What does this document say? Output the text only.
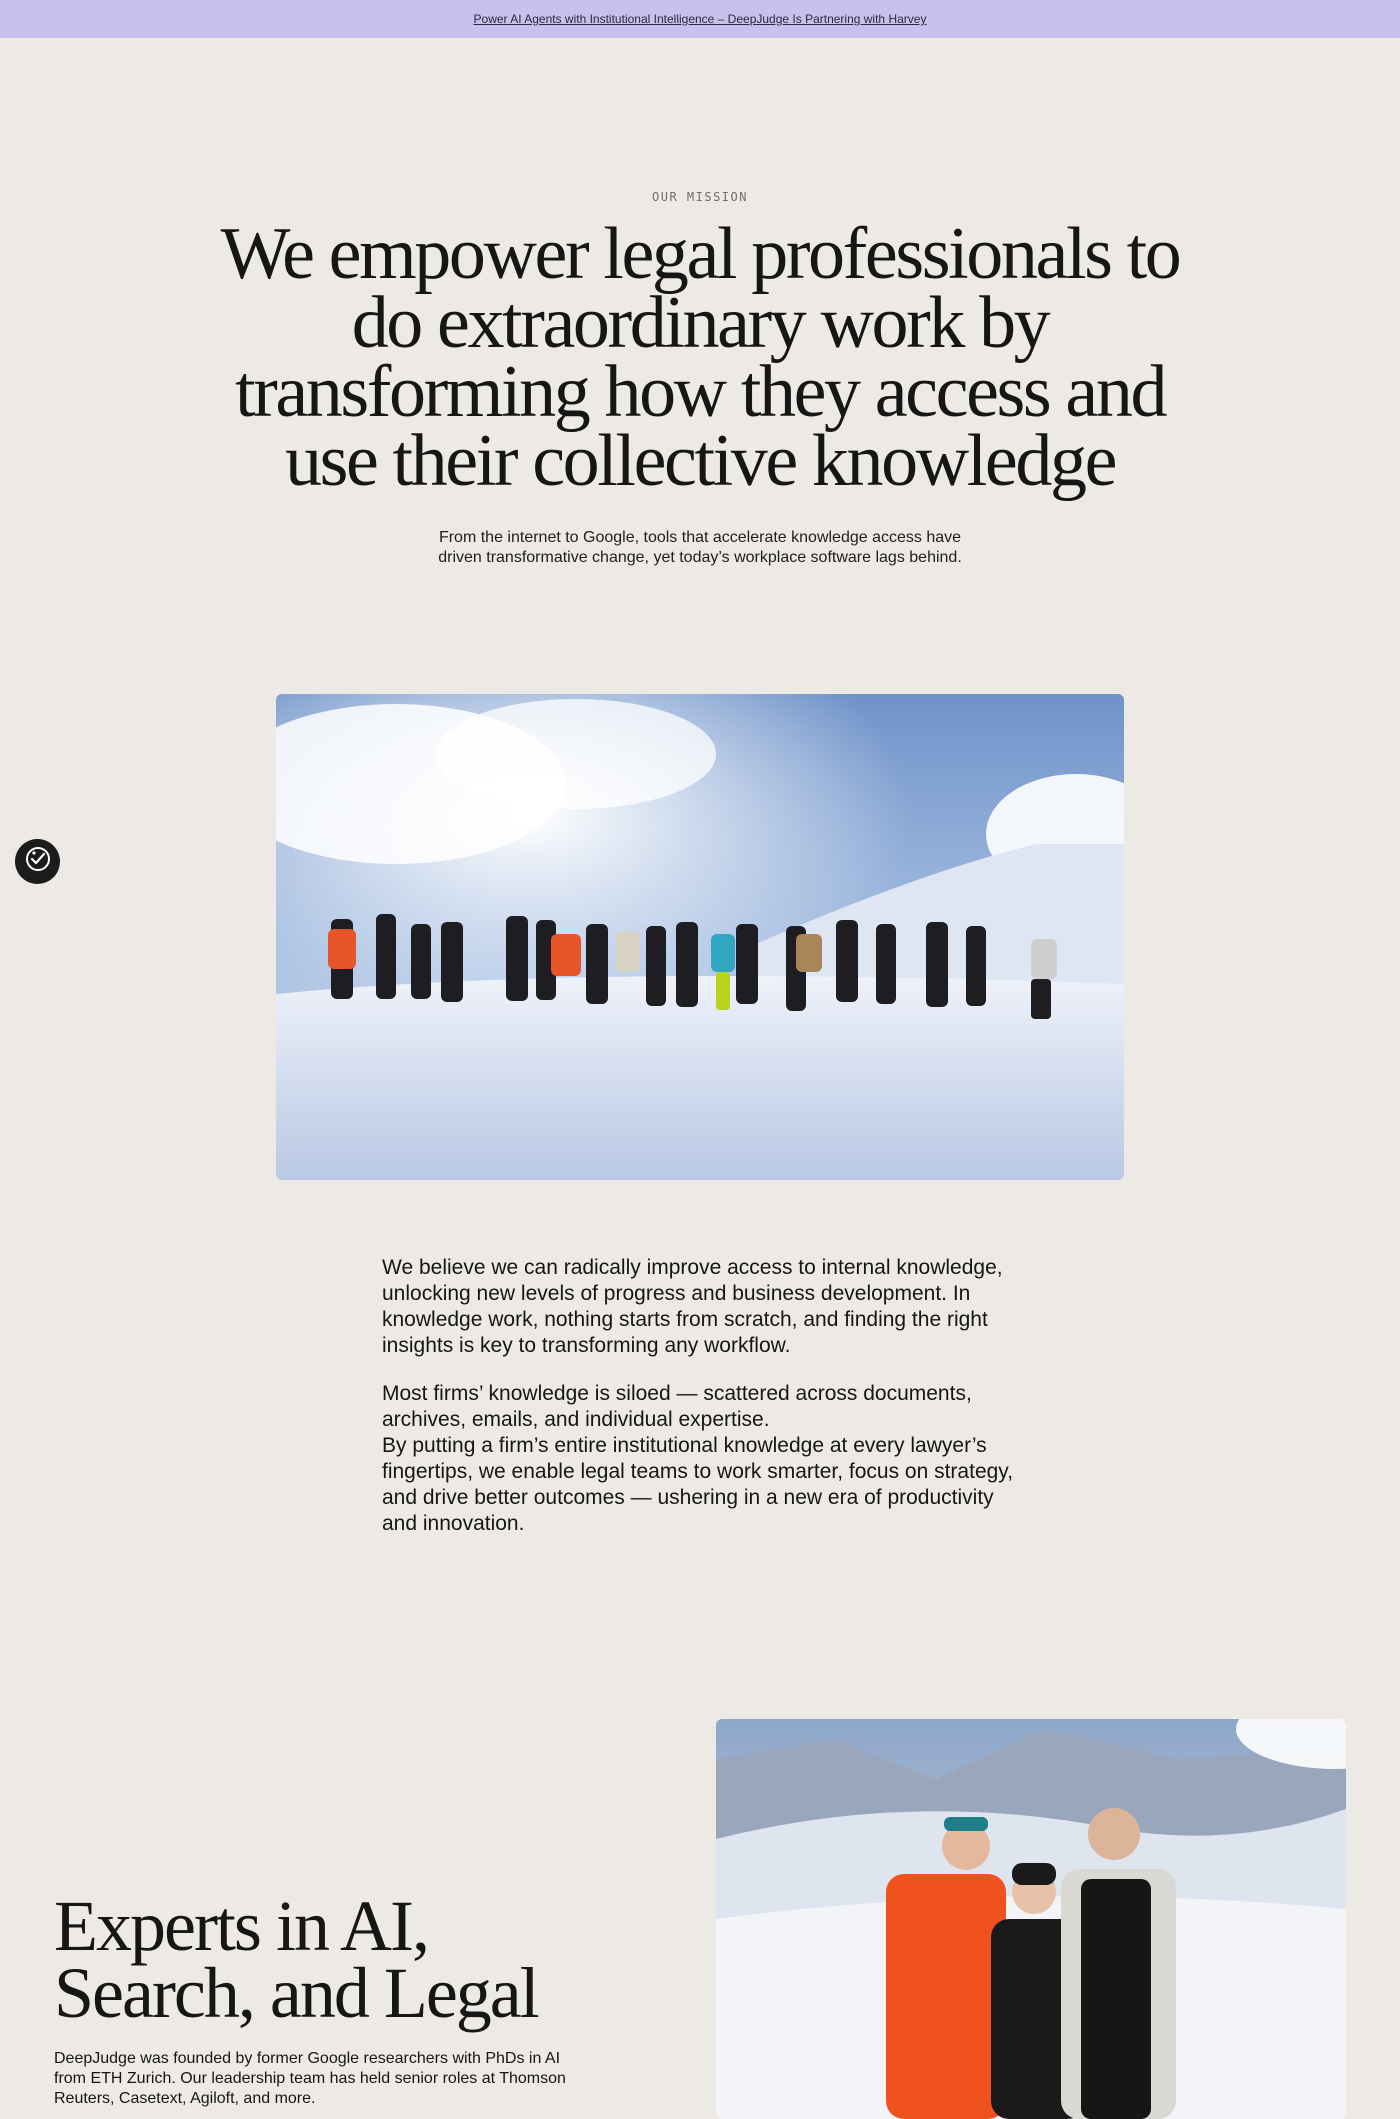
Power AI Agents with Institutional Intelligence – DeepJudge Is Partnering with Harvey
OUR MISSION
We empower legal professionals to do extraordinary work by transforming how they access and use their collective knowledge

From the internet to Google, tools that accelerate knowledge access have driven transformative change, yet today’s workplace software lags behind.

We believe we can radically improve access to internal knowledge, unlocking new levels of progress and business development. In knowledge work, nothing starts from scratch, and finding the right insights is key to transforming any workflow.

Most firms’ knowledge is siloed — scattered across documents, archives, emails, and individual expertise.

By putting a firm’s entire institutional knowledge at every lawyer’s fingertips, we enable legal teams to work smarter, focus on strategy, and drive better outcomes — ushering in a new era of productivity and innovation.

Experts in AI, Search, and Legal

DeepJudge was founded by former Google researchers with PhDs in AI from ETH Zurich. Our leadership team has held senior roles at Thomson Reuters, Casetext, Agiloft, and more.
